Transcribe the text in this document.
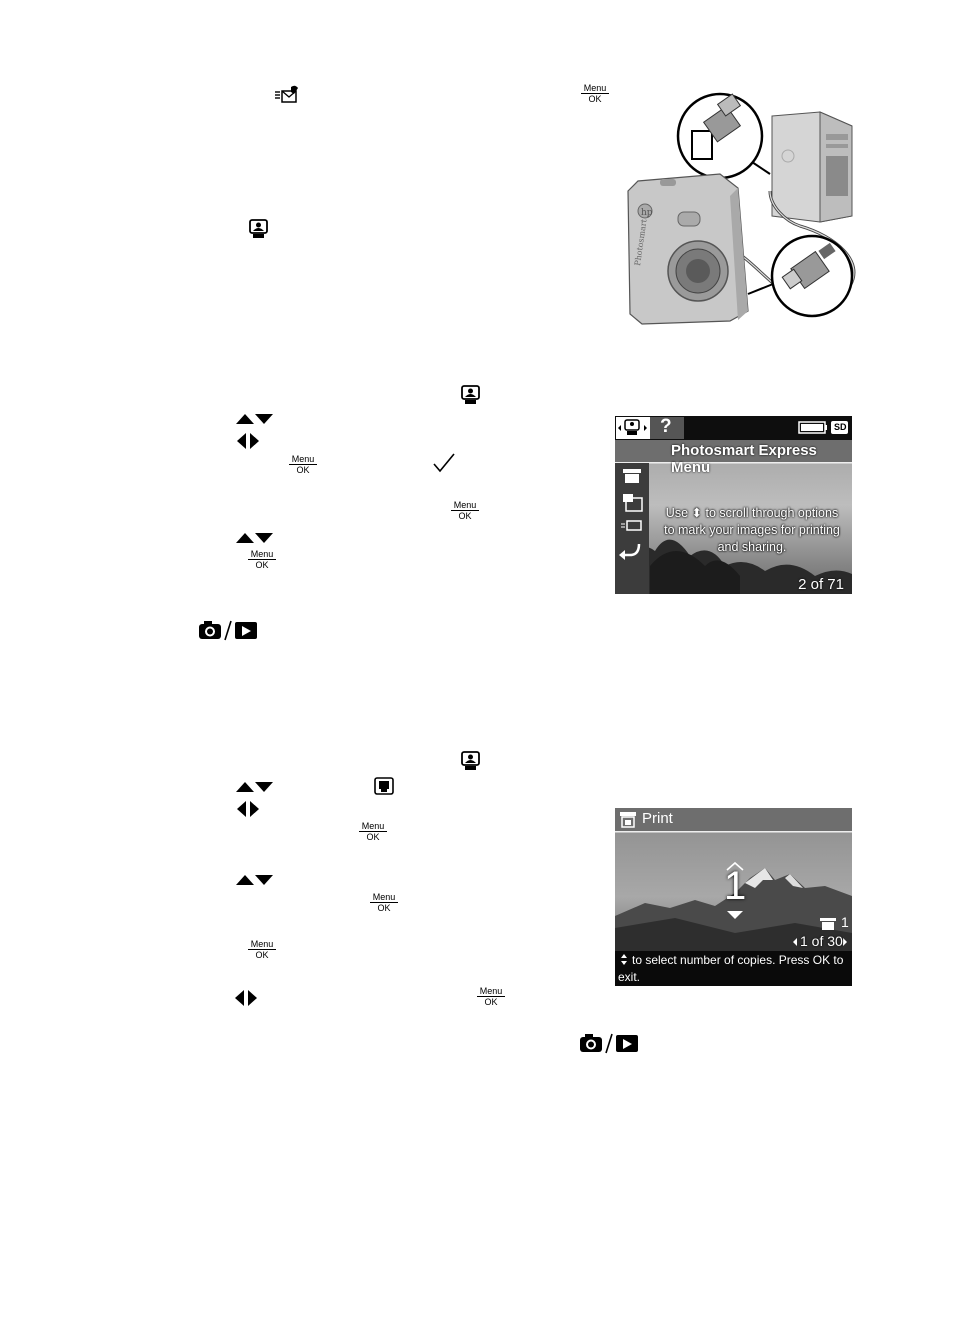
Menu
OK
hp
Photosmart
Menu
OK
Menu
OK
Menu
OK
?	SD
Photosmart Express Menu
Use ⬍ to scroll through options to mark your images for printing and sharing.
2 of 71
Menu
OK
Menu
OK
Menu
OK
Menu
OK
Print
1
1
1 of 30
to select number of copies. Press OK to exit.
